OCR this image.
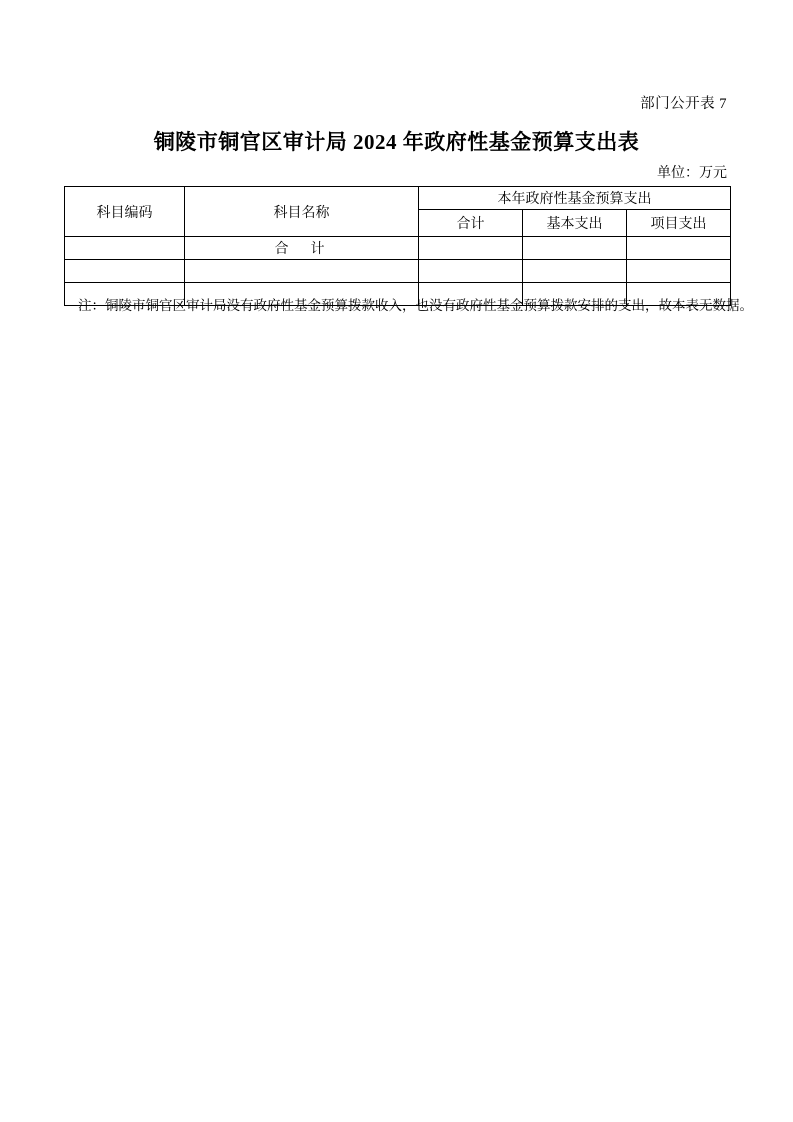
部门公开表 7
铜陵市铜官区审计局 2024 年政府性基金预算支出表
单位：万元
科目编码	科目名称	本年政府性基金预算支出		
		合计	基本支出	项目支出
	合　计			

注：铜陵市铜官区审计局没有政府性基金预算拨款收入，也没有政府性基金预算拨款安排的支出，故本表无数据。
